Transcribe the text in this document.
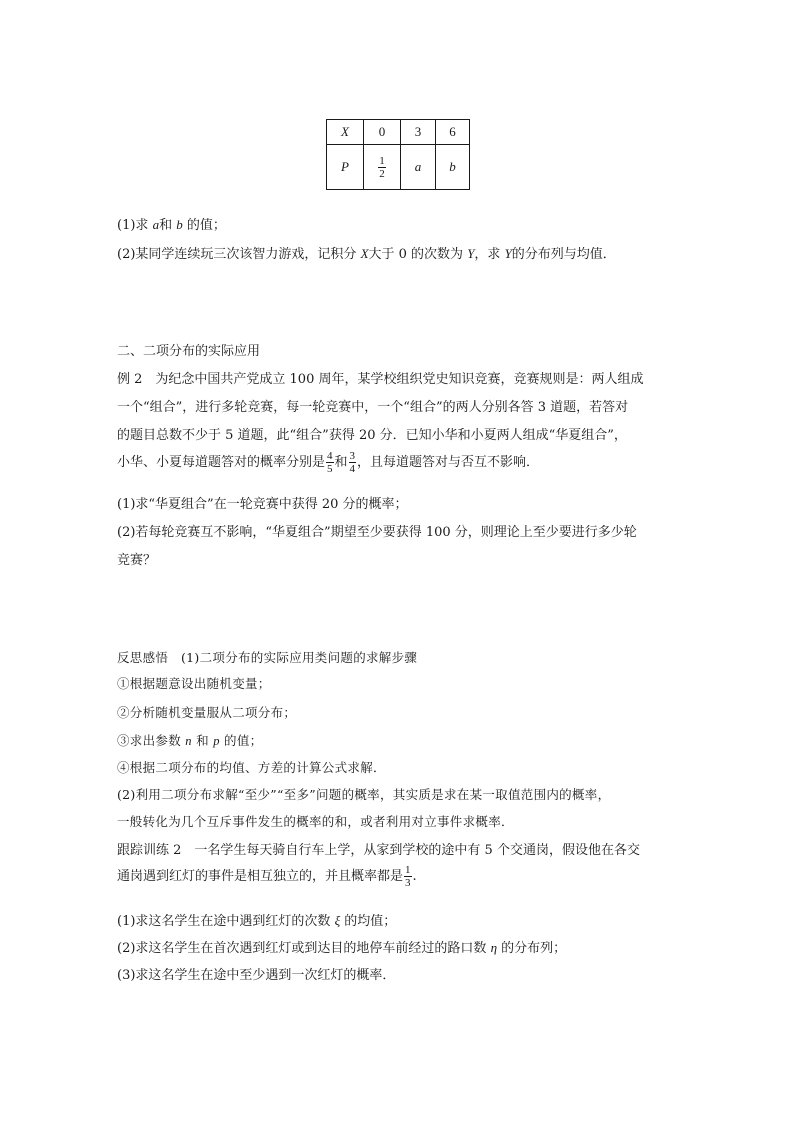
X	0	3	6
P	$\frac{1}{2}$	a	b
(1)求 a和 b 的值；
(2)某同学连续玩三次该智力游戏，记积分 X大于 0 的次数为 Y，求 Y的分布列与均值．
二、二项分布的实际应用
例 2　为纪念中国共产党成立 100 周年，某学校组织党史知识竞赛，竞赛规则是：两人组成
一个“组合”，进行多轮竞赛，每一轮竞赛中，一个“组合”的两人分别各答 3 道题，若答对
的题目总数不少于 5 道题，此“组合”获得 20 分．已知小华和小夏两人组成“华夏组合”，
小华、小夏每道题答对的概率分别是 $\frac{4}{5}$ 和 $\frac{3}{4}$ ，且每道题答对与否互不影响．
(1)求“华夏组合”在一轮竞赛中获得 20 分的概率；
(2)若每轮竞赛互不影响，“华夏组合”期望至少要获得 100 分，则理论上至少要进行多少轮
竞赛？
反思感悟　(1)二项分布的实际应用类问题的求解步骤
①根据题意设出随机变量；
②分析随机变量服从二项分布；
③求出参数 n 和 p 的值；
④根据二项分布的均值、方差的计算公式求解．
(2)利用二项分布求解“至少”“至多”问题的概率，其实质是求在某一取值范围内的概率，
一般转化为几个互斥事件发生的概率的和，或者利用对立事件求概率．
跟踪训练 2　一名学生每天骑自行车上学，从家到学校的途中有 5 个交通岗，假设他在各交
通岗遇到红灯的事件是相互独立的，并且概率都是 $\frac{1}{3}$ .
(1)求这名学生在途中遇到红灯的次数 ξ 的均值；
(2)求这名学生在首次遇到红灯或到达目的地停车前经过的路口数 η 的分布列；
(3)求这名学生在途中至少遇到一次红灯的概率．
